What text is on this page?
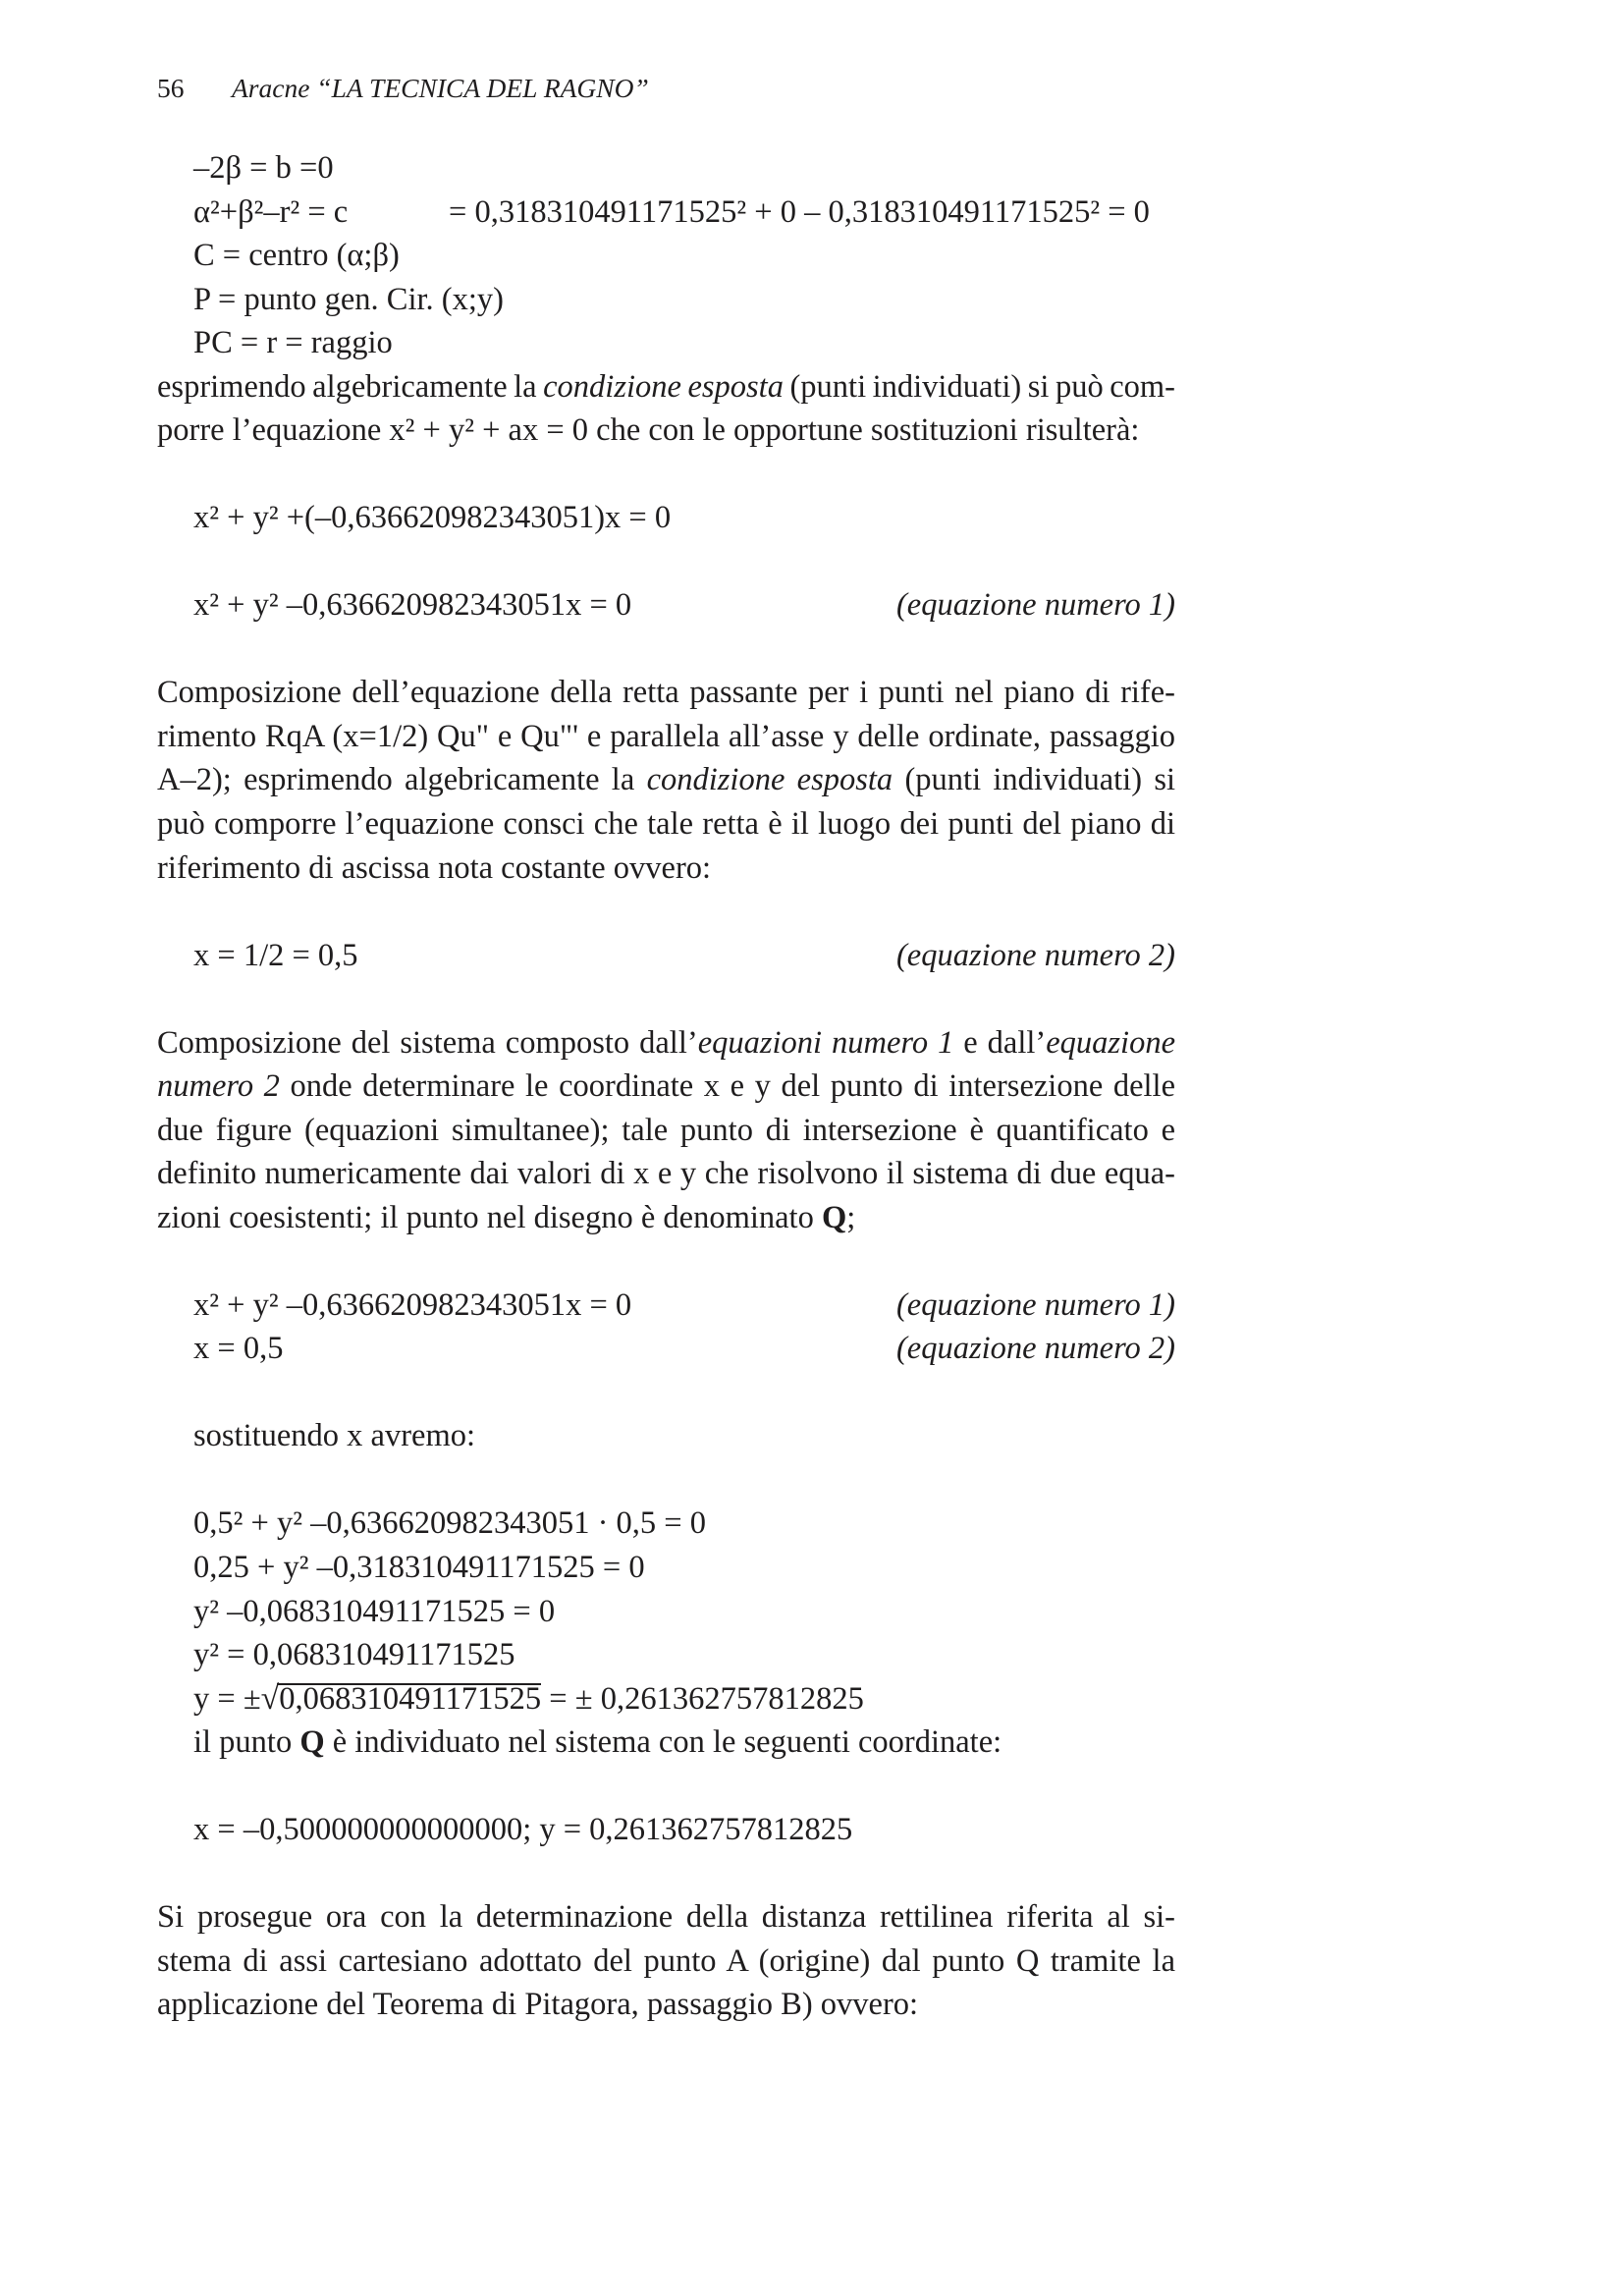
56 Aracne “LA TECNICA DEL RAGNO”
–2β = b =0
α²+β²–r² = c	= 0,318310491171525² + 0 – 0,318310491171525² = 0
C = centro (α;β)
P = punto gen. Cir. (x;y)
PC = r = raggio
esprimendo algebricamente la condizione esposta (punti individuati) si può com-
porre l’equazione x² + y² + ax = 0 che con le opportune sostituzioni risulterà:
x² + y² +(–0,636620982343051)x = 0
x² + y² –0,636620982343051x = 0	(equazione numero 1)
Composizione dell’equazione della retta passante per i punti nel piano di rife-
rimento RqA (x=1/2) Qu" e Qu"' e parallela all’asse y delle ordinate, passaggio
A–2); esprimendo algebricamente la condizione esposta (punti individuati) si
può comporre l’equazione consci che tale retta è il luogo dei punti del piano di
riferimento di ascissa nota costante ovvero:
x = 1/2 = 0,5	(equazione numero 2)
Composizione del sistema composto dall’equazioni numero 1 e dall’equazione
numero 2 onde determinare le coordinate x e y del punto di intersezione delle
due figure (equazioni simultanee); tale punto di intersezione è quantificato e
definito numericamente dai valori di x e y che risolvono il sistema di due equa-
zioni coesistenti; il punto nel disegno è denominato Q;
x² + y² –0,636620982343051x = 0	(equazione numero 1)
x = 0,5	(equazione numero 2)
sostituendo x avremo:
0,5² + y² –0,636620982343051 · 0,5 = 0
0,25 + y² –0,318310491171525 = 0
y² –0,068310491171525 = 0
y² = 0,068310491171525
y = ±√0,068310491171525 = ± 0,261362757812825
il punto Q è individuato nel sistema con le seguenti coordinate:
x = –0,500000000000000; y = 0,261362757812825
Si prosegue ora con la determinazione della distanza rettilinea riferita al si-
stema di assi cartesiano adottato del punto A (origine) dal punto Q tramite la
applicazione del Teorema di Pitagora, passaggio B) ovvero:
